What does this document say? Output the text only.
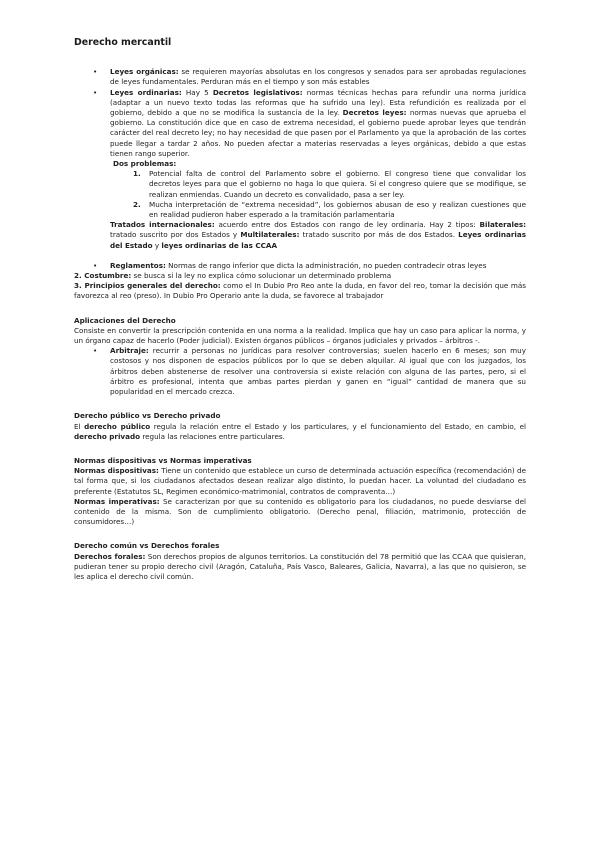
Derecho mercantil
• Leyes orgánicas: se requieren mayorías absolutas en los congresos y senados para ser aprobadas regulaciones de leyes fundamentales. Perduran más en el tiempo y son más estables
• Leyes ordinarias: Hay 5 Decretos legislativos: normas técnicas hechas para refundir una norma jurídica (adaptar a un nuevo texto todas las reformas que ha sufrido una ley). Esta refundición es realizada por el gobierno, debido a que no se modifica la sustancia de la ley. Decretos leyes: normas nuevas que aprueba el gobierno. La constitución dice que en caso de extrema necesidad, el gobierno puede aprobar leyes que tendrán carácter del real decreto ley; no hay necesidad de que pasen por el Parlamento ya que la aprobación de las cortes puede llegar a tardar 2 años. No pueden afectar a materias reservadas a leyes orgánicas, debido a que estas tienen rango superior.
Dos problemas:
1. Potencial falta de control del Parlamento sobre el gobierno. El congreso tiene que convalidar los decretos leyes para que el gobierno no haga lo que quiera. Si el congreso quiere que se modifique, se realizan enmiendas. Cuando un decreto es convalidado, pasa a ser ley.
2. Mucha interpretación de “extrema necesidad”, los gobiernos abusan de eso y realizan cuestiones que en realidad pudieron haber esperado a la tramitación parlamentaria
Tratados internacionales: acuerdo entre dos Estados con rango de ley ordinaria. Hay 2 tipos: Bilaterales: tratado suscrito por dos Estados y Multilaterales: tratado suscrito por más de dos Estados. Leyes ordinarias del Estado y leyes ordinarias de las CCAA
• Reglamentos: Normas de rango inferior que dicta la administración, no pueden contradecir otras leyes
2. Costumbre: se busca si la ley no explica cómo solucionar un determinado problema
3. Principios generales del derecho: como el In Dubio Pro Reo ante la duda, en favor del reo, tomar la decisión que más favorezca al reo (preso). In Dubio Pro Operario ante la duda, se favorece al trabajador
Aplicaciones del Derecho
Consiste en convertir la prescripción contenida en una norma a la realidad. Implica que hay un caso para aplicar la norma, y un órgano capaz de hacerlo (Poder judicial). Existen órganos públicos – órganos judiciales y privados – árbitros -.
• Arbitraje: recurrir a personas no jurídicas para resolver controversias; suelen hacerlo en 6 meses; son muy costosos y nos disponen de espacios públicos por lo que se deben alquilar. Al igual que con los juzgados, los árbitros deben abstenerse de resolver una controversia si existe relación con alguna de las partes, pero, si el árbitro es profesional, intenta que ambas partes pierdan y ganen en “igual” cantidad de manera que su popularidad en el mercado crezca.
Derecho público vs Derecho privado
El derecho público regula la relación entre el Estado y los particulares, y el funcionamiento del Estado, en cambio, el derecho privado regula las relaciones entre particulares.
Normas dispositivas vs Normas imperativas
Normas dispositivas: Tiene un contenido que establece un curso de determinada actuación específica (recomendación) de tal forma que, si los ciudadanos afectados desean realizar algo distinto, lo puedan hacer. La voluntad del ciudadano es preferente (Estatutos SL, Regimen económico-matrimonial, contratos de compraventa…)
Normas imperativas: Se caracterizan por que su contenido es obligatorio para los ciudadanos, no puede desviarse del contenido de la misma. Son de cumplimiento obligatorio. (Derecho penal, filiación, matrimonio, protección de consumidores…)
Derecho común vs Derechos forales
Derechos forales: Son derechos propios de algunos territorios. La constitución del 78 permitió que las CCAA que quisieran, pudieran tener su propio derecho civil (Aragón, Cataluña, País Vasco, Baleares, Galicia, Navarra), a las que no quisieron, se les aplica el derecho civil común.
